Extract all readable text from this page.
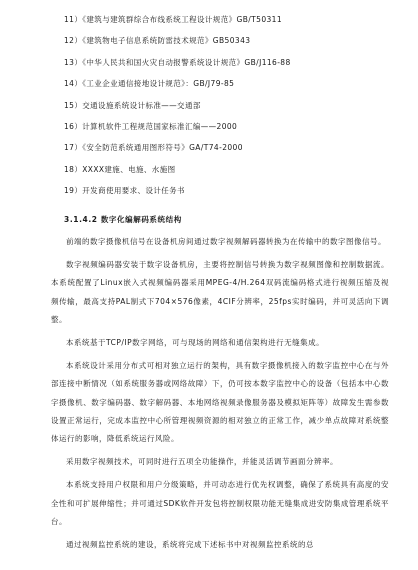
11）《建筑与建筑群综合布线系统工程设计规范》GB/T50311
12）《建筑物电子信息系统防雷技术规范》GB50343
13）《中华人民共和国火灾自动报警系统设计规范》GB/J116-88
14）《工业企业通信接地设计规范》：GB/J79-85
15）交通设施系统设计标准——交通部
16）计算机软件工程规范国家标准汇编——2000
17）《安全防范系统通用图形符号》GA/T74-2000
18）XXXX建施、电施、水施图
19）开发商使用要求、设计任务书
3.1.4.2 数字化编解码系统结构

前端的数字摄像机信号在设备机房间通过数字视频解码器转换为在传输中的数字图像信号。

数字视频编码器安装于数字设备机房，主要将控制信号转换为数字视频图像和控制数据流。本系统配置了Linux嵌入式视频编码器采用MPEG-4/H.264双码流编码格式进行视频压缩及视频传输，最高支持PAL制式下704×576像素，4CIF分辨率，25fps实时编码，并可灵活向下调整。

本系统基于TCP/IP数字网络，可与现场的网络和通信架构进行无缝集成。

本系统设计采用分布式可相对独立运行的架构，具有数字摄像机接入的数字监控中心在与外部连接中断情况（如系统服务器或网络故障）下，仍可按本数字监控中心的设备（包括本中心数字摄像机、数字编码器、数字解码器、本地网络视频录像服务器及模拟矩阵等）故障发生需参数设置正常运行，完成本监控中心所管理视频资源的相对独立的正常工作，减少单点故障对系统整体运行的影响，降低系统运行风险。

采用数字视频技术，可同时进行五项全功能操作，并能灵活调节画面分辨率。

本系统支持用户权限和用户分级策略，并可动态进行优先权调整，确保了系统具有高度的安全性和可扩展伸缩性；并可通过SDK软件开发包将控制权限功能无缝集成进安防集成管理系统平台。

通过视频监控系统的建设，系统将完成下述标书中对视频监控系统的总
